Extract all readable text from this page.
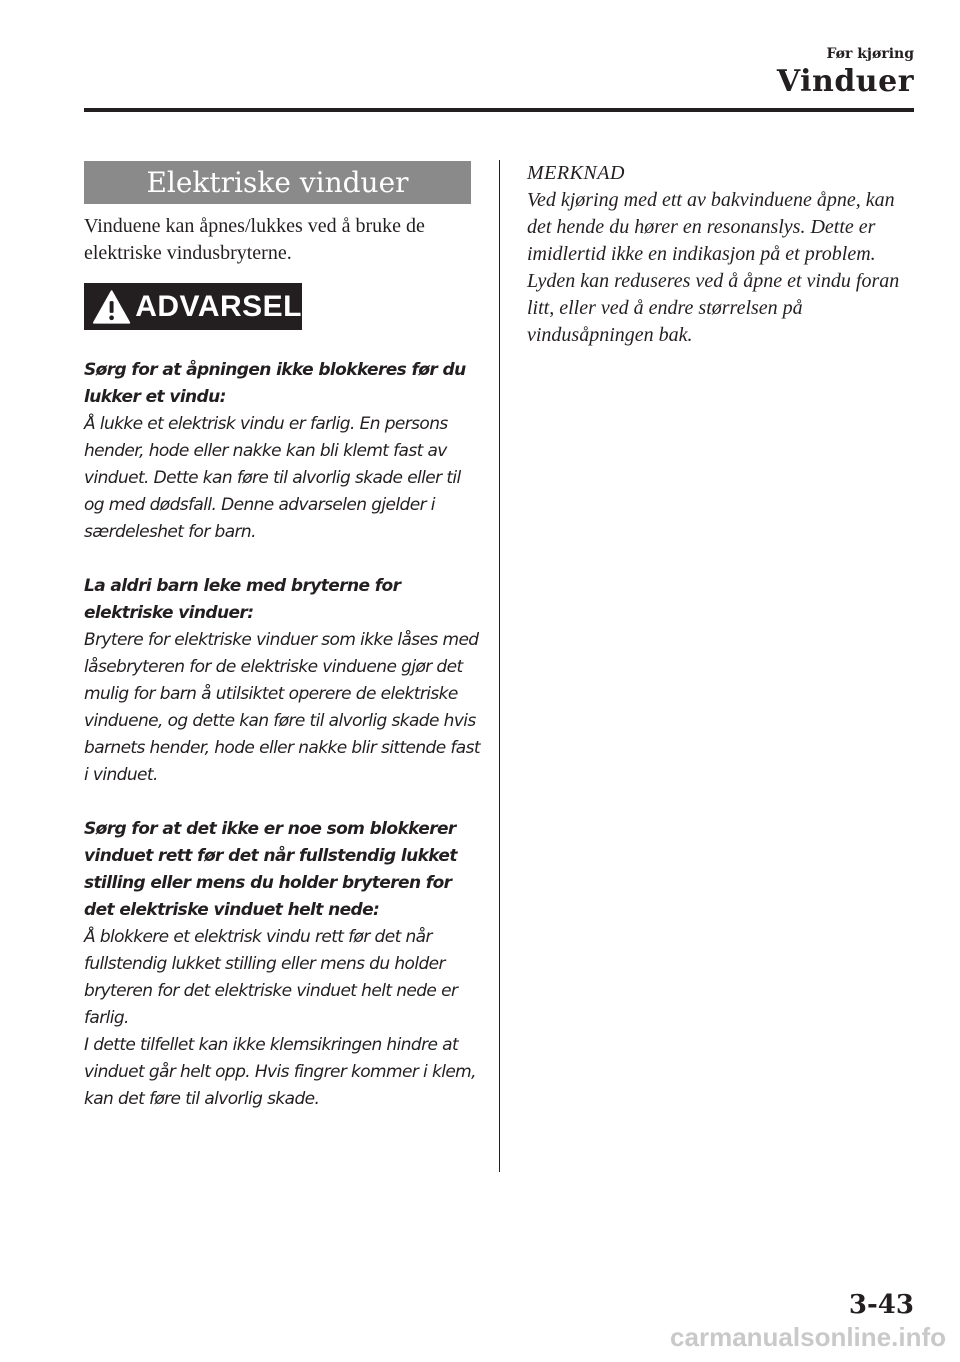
Før kjøring
Vinduer
Elektriske vinduer
Vinduene kan åpnes/lukkes ved å bruke de elektriske vindusbryterne.
ADVARSEL

Sørg for at åpningen ikke blokkeres før du lukker et vindu:
Å lukke et elektrisk vindu er farlig. En persons hender, hode eller nakke kan bli klemt fast av vinduet. Dette kan føre til alvorlig skade eller til og med dødsfall. Denne advarselen gjelder i særdeleshet for barn.

La aldri barn leke med bryterne for elektriske vinduer:
Brytere for elektriske vinduer som ikke låses med låsebryteren for de elektriske vinduene gjør det mulig for barn å utilsiktet operere de elektriske vinduene, og dette kan føre til alvorlig skade hvis barnets hender, hode eller nakke blir sittende fast i vinduet.

Sørg for at det ikke er noe som blokkerer vinduet rett før det når fullstendig lukket stilling eller mens du holder bryteren for det elektriske vinduet helt nede:
Å blokkere et elektrisk vindu rett før det når fullstendig lukket stilling eller mens du holder bryteren for det elektriske vinduet helt nede er farlig.
I dette tilfellet kan ikke klemsikringen hindre at vinduet går helt opp. Hvis fingrer kommer i klem, kan det føre til alvorlig skade.

MERKNAD
Ved kjøring med ett av bakvinduene åpne, kan det hende du hører en resonanslys. Dette er imidlertid ikke en indikasjon på et problem. Lyden kan reduseres ved å åpne et vindu foran litt, eller ved å endre størrelsen på vindusåpningen bak.
3-43
carmanualsonline.info
